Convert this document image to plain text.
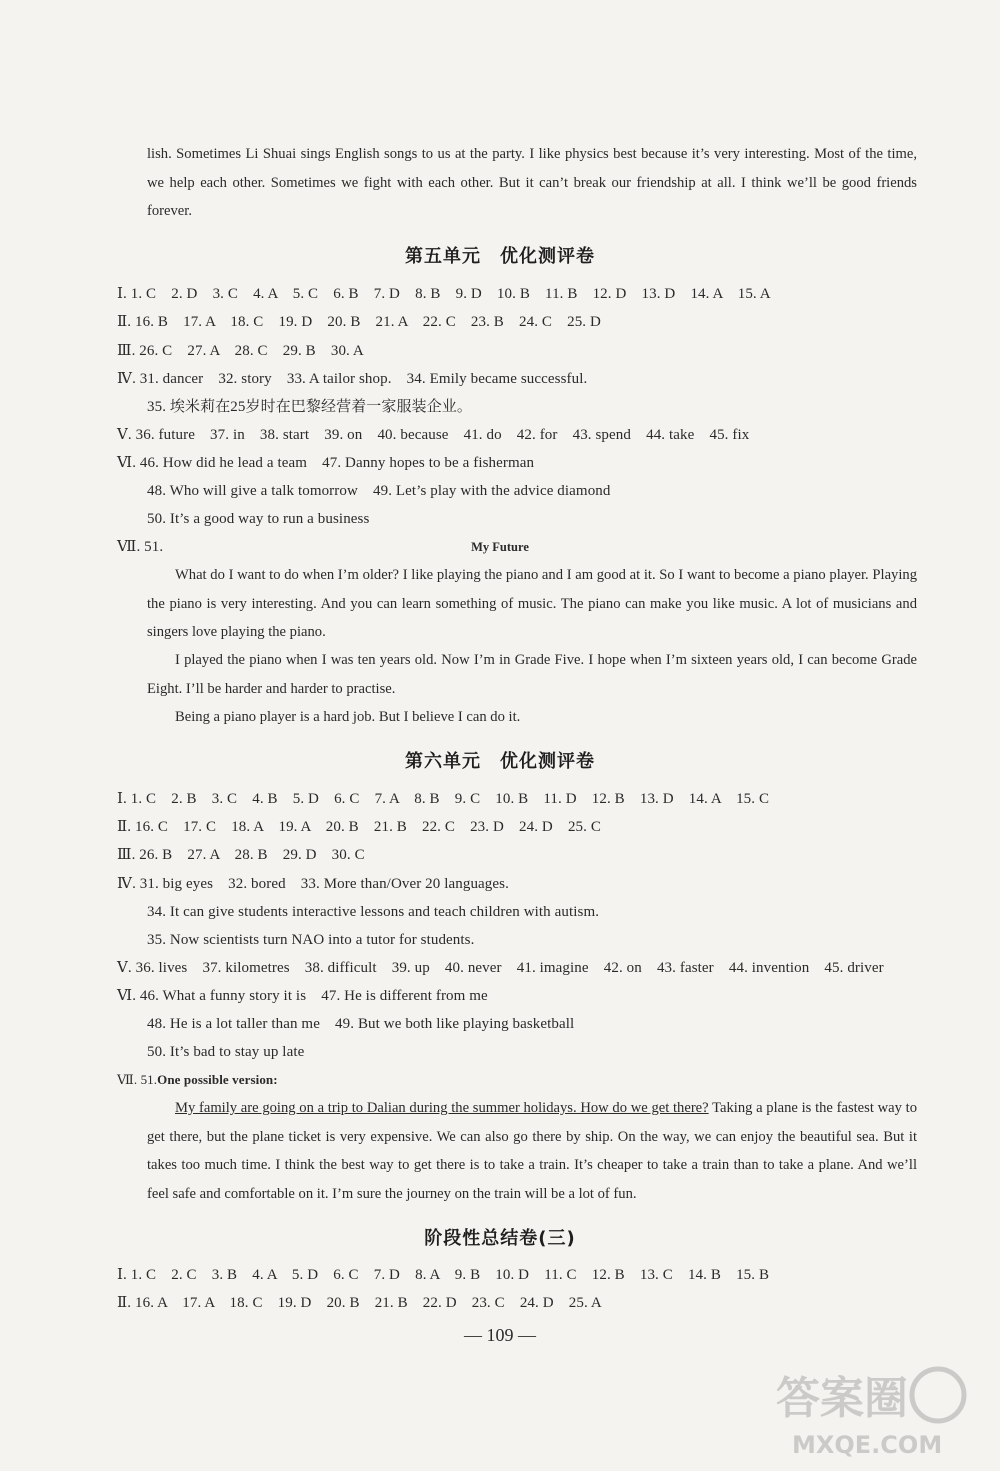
lish. Sometimes Li Shuai sings English songs to us at the party. I like physics best because it’s very interesting. Most of the time, we help each other. Sometimes we fight with each other. But it can’t break our friendship at all. I think we’ll be good friends forever.
第五单元　优化测评卷
Ⅰ. 1. C　2. D　3. C　4. A　5. C　6. B　7. D　8. B　9. D　10. B　11. B　12. D　13. D　14. A　15. A
Ⅱ. 16. B　17. A　18. C　19. D　20. B　21. A　22. C　23. B　24. C　25. D
Ⅲ. 26. C　27. A　28. C　29. B　30. A
Ⅳ. 31. dancer　32. story　33. A tailor shop.　34. Emily became successful.
35. 埃米莉在25岁时在巴黎经营着一家服装企业。
Ⅴ. 36. future　37. in　38. start　39. on　40. because　41. do　42. for　43. spend　44. take　45. fix
Ⅵ. 46. How did he lead a team　47. Danny hopes to be a fisherman
48. Who will give a talk tomorrow　49. Let’s play with the advice diamond
50. It’s a good way to run a business
Ⅶ. 51.	My Future
What do I want to do when I’m older? I like playing the piano and I am good at it. So I want to become a piano player. Playing the piano is very interesting. And you can learn something of music. The piano can make you like music. A lot of musicians and singers love playing the piano.
I played the piano when I was ten years old. Now I’m in Grade Five. I hope when I’m sixteen years old, I can become Grade Eight. I’ll be harder and harder to practise.
Being a piano player is a hard job. But I believe I can do it.
第六单元　优化测评卷
Ⅰ. 1. C　2. B　3. C　4. B　5. D　6. C　7. A　8. B　9. C　10. B　11. D　12. B　13. D　14. A　15. C
Ⅱ. 16. C　17. C　18. A　19. A　20. B　21. B　22. C　23. D　24. D　25. C
Ⅲ. 26. B　27. A　28. B　29. D　30. C
Ⅳ. 31. big eyes　32. bored　33. More than/Over 20 languages.
34. It can give students interactive lessons and teach children with autism.
35. Now scientists turn NAO into a tutor for students.
Ⅴ. 36. lives　37. kilometres　38. difficult　39. up　40. never　41. imagine　42. on　43. faster　44. invention　45. driver
Ⅵ. 46. What a funny story it is　47. He is different from me
48. He is a lot taller than me　49. But we both like playing basketball
50. It’s bad to stay up late
Ⅶ. 51.One possible version:
My family are going on a trip to Dalian during the summer holidays. How do we get there? Taking a plane is the fastest way to get there, but the plane ticket is very expensive. We can also go there by ship. On the way, we can enjoy the beautiful sea. But it takes too much time. I think the best way to get there is to take a train. It’s cheaper to take a train than to take a plane. And we’ll feel safe and comfortable on it. I’m sure the journey on the train will be a lot of fun.
阶段性总结卷(三)
Ⅰ. 1. C　2. C　3. B　4. A　5. D　6. C　7. D　8. A　9. B　10. D　11. C　12. B　13. C　14. B　15. B
Ⅱ. 16. A　17. A　18. C　19. D　20. B　21. B　22. D　23. C　24. D　25. A
— 109 —
答案圈
MXQE.COM
